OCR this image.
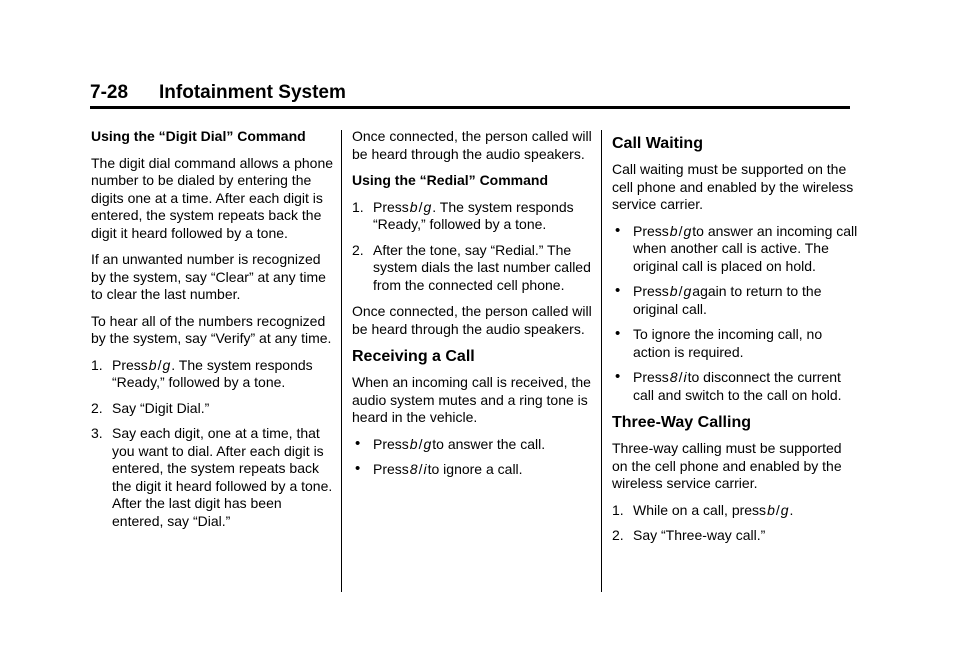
7-28 Infotainment System

Using the “Digit Dial” Command

The digit dial command allows a phone number to be dialed by entering the digits one at a time. After each digit is entered, the system repeats back the digit it heard followed by a tone.

If an unwanted number is recognized by the system, say “Clear” at any time to clear the last number.

To hear all of the numbers recognized by the system, say “Verify” at any time.

1. Pressb/g. The system responds “Ready,” followed by a tone.
2. Say “Digit Dial.”
3. Say each digit, one at a time, that you want to dial. After each digit is entered, the system repeats back the digit it heard followed by a tone. After the last digit has been entered, say “Dial.”

Once connected, the person called will be heard through the audio speakers.

Using the “Redial” Command

1. Pressb/g. The system responds “Ready,” followed by a tone.
2. After the tone, say “Redial.” The system dials the last number called from the connected cell phone.

Once connected, the person called will be heard through the audio speakers.

Receiving a Call

When an incoming call is received, the audio system mutes and a ring tone is heard in the vehicle.

• Pressb/gto answer the call.
• Press8/ito ignore a call.
Call Waiting

Call waiting must be supported on the cell phone and enabled by the wireless service carrier.

• Pressb/gto answer an incoming call when another call is active. The original call is placed on hold.
• Pressb/gagain to return to the original call.
• To ignore the incoming call, no action is required.
• Press8/ito disconnect the current call and switch to the call on hold.
Three-Way Calling

Three-way calling must be supported on the cell phone and enabled by the wireless service carrier.

1. While on a call, pressb/g.
2. Say “Three-way call.”
